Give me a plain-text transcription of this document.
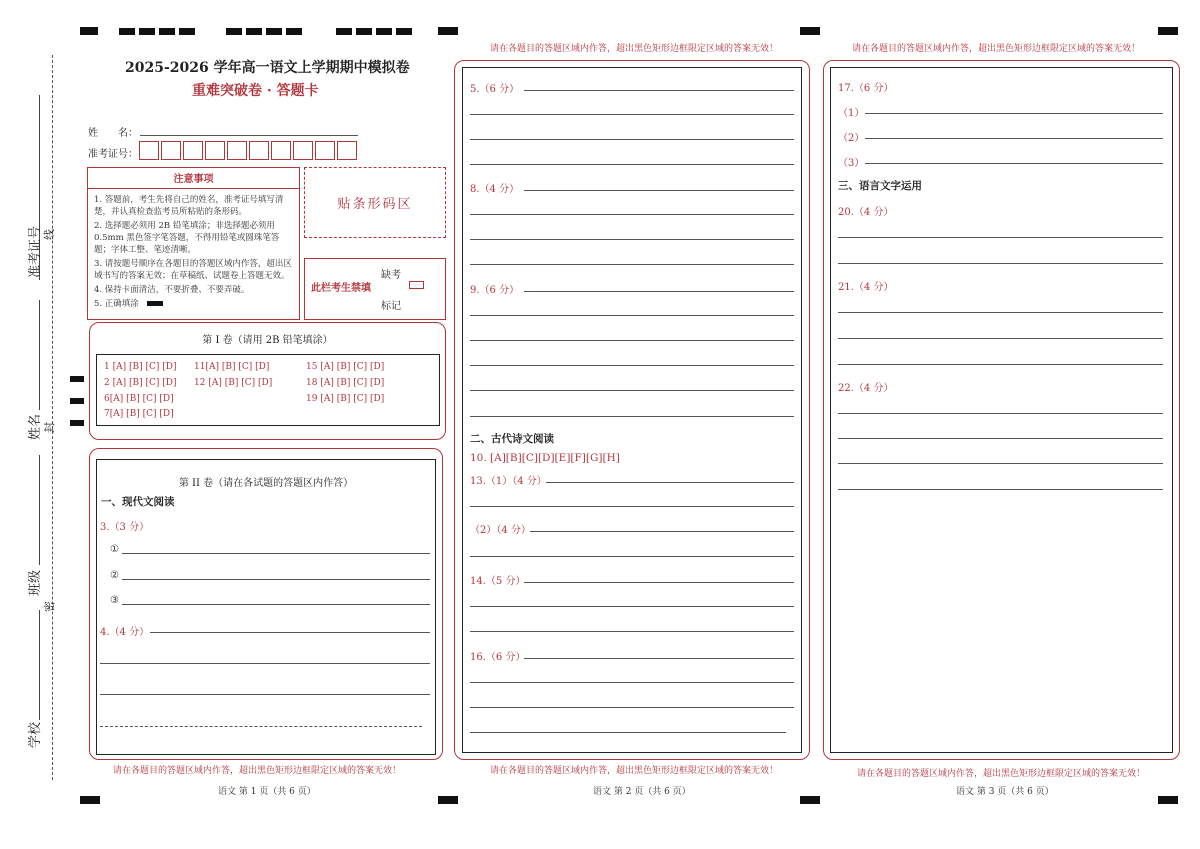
准考证号
姓名
班级
学校
线
封
密
2025-2026 学年高一语文上学期期中模拟卷
重难突破卷 · 答题卡
姓　　名：
准考证号：
注意事项
1. 答题前，考生先将自己的姓名，准考证号填写清楚，并认真检查监考员所粘贴的条形码。
2. 选择题必须用 2B 铅笔填涂；非选择题必须用 0.5mm 黑色签字笔答题，不得用铅笔或圆珠笔答题；字体工整、笔迹清晰。
3. 请按题号顺序在各题目的答题区域内作答，超出区域书写的答案无效；在草稿纸、试题卷上答题无效。
4. 保持卡面清洁，不要折叠、不要弄破。
5. 正确填涂
贴条形码区
此栏考生禁填
缺考
标记
第 I 卷（请用 2B 铅笔填涂）
1 [A] [B] [C] [D]
2 [A] [B] [C] [D]
6[A] [B] [C] [D]
7[A] [B] [C] [D]
11[A] [B] [C] [D]
12 [A] [B] [C] [D]
15 [A] [B] [C] [D]
18 [A] [B] [C] [D]
19 [A] [B] [C] [D]
第 II 卷（请在各试题的答题区内作答）
一、现代文阅读
3.（3 分）
①
②
③
4.（4 分）
请在各题目的答题区域内作答，超出黑色矩形边框限定区域的答案无效！
语文 第 1 页（共 6 页）
请在各题目的答题区域内作答，超出黑色矩形边框限定区域的答案无效！
5.（6 分）
8.（4 分）
9.（6 分）
二、古代诗文阅读
10. [A][B][C][D][E][F][G][H]
13.（1）（4 分）
（2）（4 分）
14.（5 分）
16.（6 分）
请在各题目的答题区域内作答，超出黑色矩形边框限定区域的答案无效！
语文 第 2 页（共 6 页）
请在各题目的答题区域内作答，超出黑色矩形边框限定区域的答案无效！
17.（6 分）
（1）
（2）
（3）
三、语言文字运用
20.（4 分）
21.（4 分）
22.（4 分）
请在各题目的答题区域内作答，超出黑色矩形边框限定区域的答案无效！
语文 第 3 页（共 6 页）
